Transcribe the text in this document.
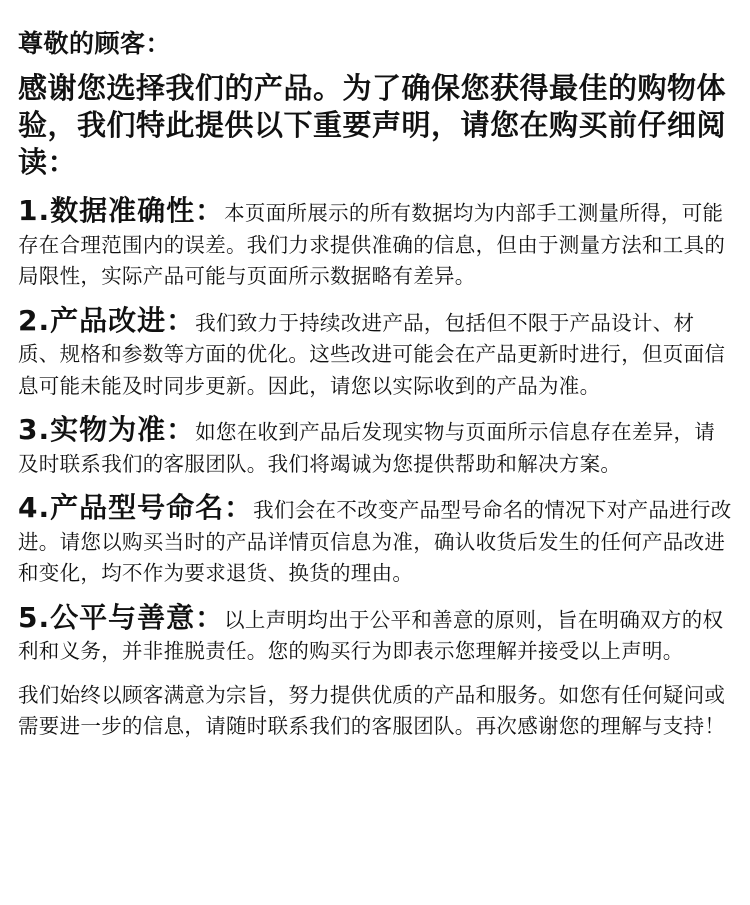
尊敬的顾客：
感谢您选择我们的产品。为了确保您获得最佳的购物体验，我们特此提供以下重要声明，请您在购买前仔细阅读：
1.数据准确性：本页面所展示的所有数据均为内部手工测量所得，可能存在合理范围内的误差。我们力求提供准确的信息，但由于测量方法和工具的局限性，实际产品可能与页面所示数据略有差异。
2.产品改进：我们致力于持续改进产品，包括但不限于产品设计、材质、规格和参数等方面的优化。这些改进可能会在产品更新时进行，但页面信息可能未能及时同步更新。因此，请您以实际收到的产品为准。
3.实物为准：如您在收到产品后发现实物与页面所示信息存在差异，请及时联系我们的客服团队。我们将竭诚为您提供帮助和解决方案。
4.产品型号命名：我们会在不改变产品型号命名的情况下对产品进行改进。请您以购买当时的产品详情页信息为准，确认收货后发生的任何产品改进和变化，均不作为要求退货、换货的理由。
5.公平与善意：以上声明均出于公平和善意的原则，旨在明确双方的权利和义务，并非推脱责任。您的购买行为即表示您理解并接受以上声明。
我们始终以顾客满意为宗旨，努力提供优质的产品和服务。如您有任何疑问或需要进一步的信息，请随时联系我们的客服团队。再次感谢您的理解与支持！
